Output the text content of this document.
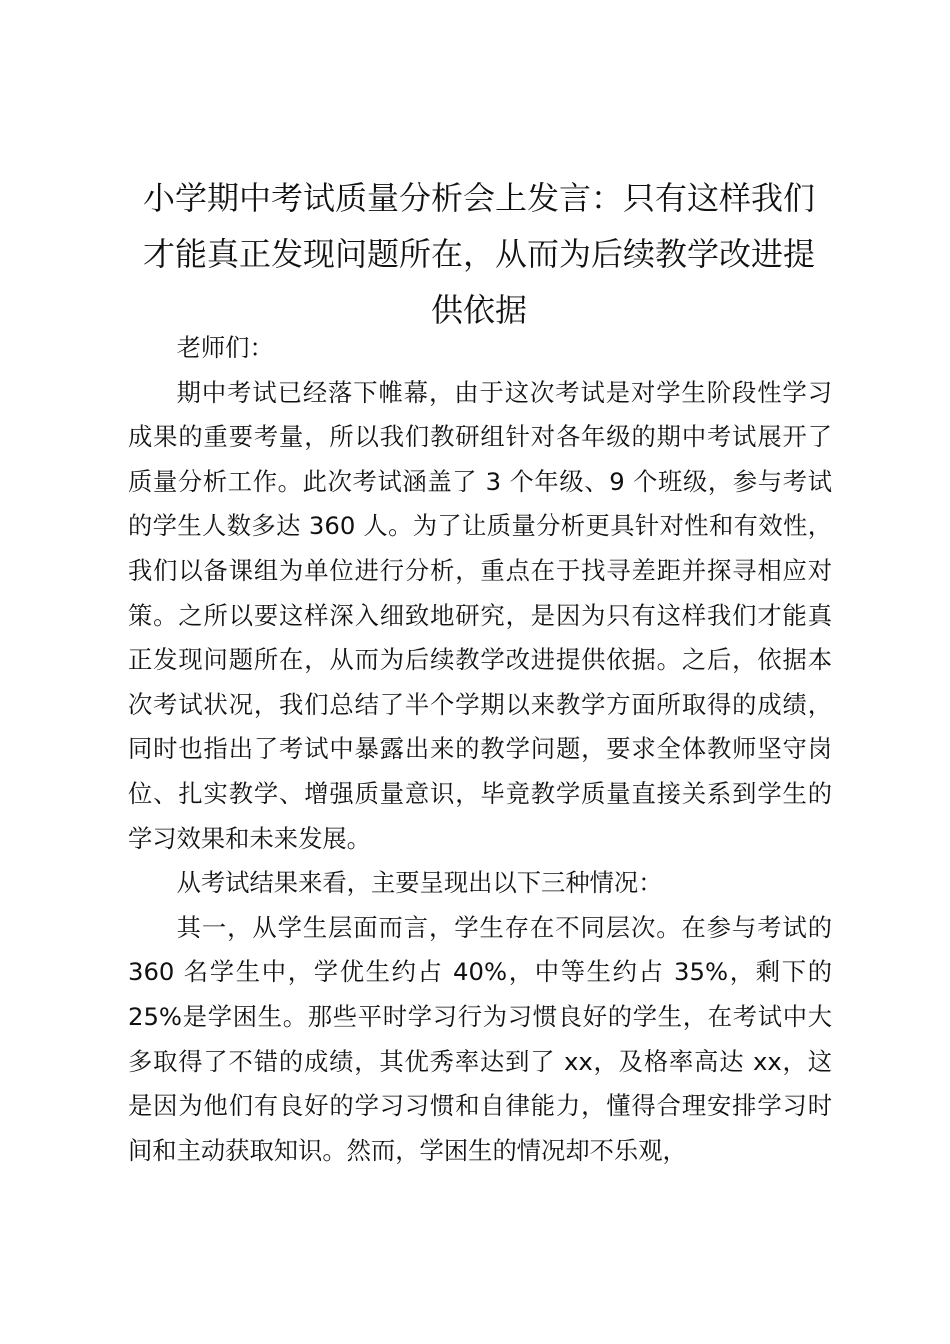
小学期中考试质量分析会上发言：只有这样我们才能真正发现问题所在，从而为后续教学改进提供依据

老师们：

期中考试已经落下帷幕，由于这次考试是对学生阶段性学习成果的重要考量，所以我们教研组针对各年级的期中考试展开了质量分析工作。此次考试涵盖了 3 个年级、9 个班级，参与考试的学生人数多达 360 人。为了让质量分析更具针对性和有效性，我们以备课组为单位进行分析，重点在于找寻差距并探寻相应对策。之所以要这样深入细致地研究，是因为只有这样我们才能真正发现问题所在，从而为后续教学改进提供依据。之后，依据本次考试状况，我们总结了半个学期以来教学方面所取得的成绩，同时也指出了考试中暴露出来的教学问题，要求全体教师坚守岗位、扎实教学、增强质量意识，毕竟教学质量直接关系到学生的学习效果和未来发展。

从考试结果来看，主要呈现出以下三种情况：

其一，从学生层面而言，学生存在不同层次。在参与考试的 360 名学生中，学优生约占 40%，中等生约占 35%，剩下的 25%是学困生。那些平时学习行为习惯良好的学生，在考试中大多取得了不错的成绩，其优秀率达到了 xx，及格率高达 xx，这是因为他们有良好的学习习惯和自律能力，懂得合理安排学习时间和主动获取知识。然而，学困生的情况却不乐观，
